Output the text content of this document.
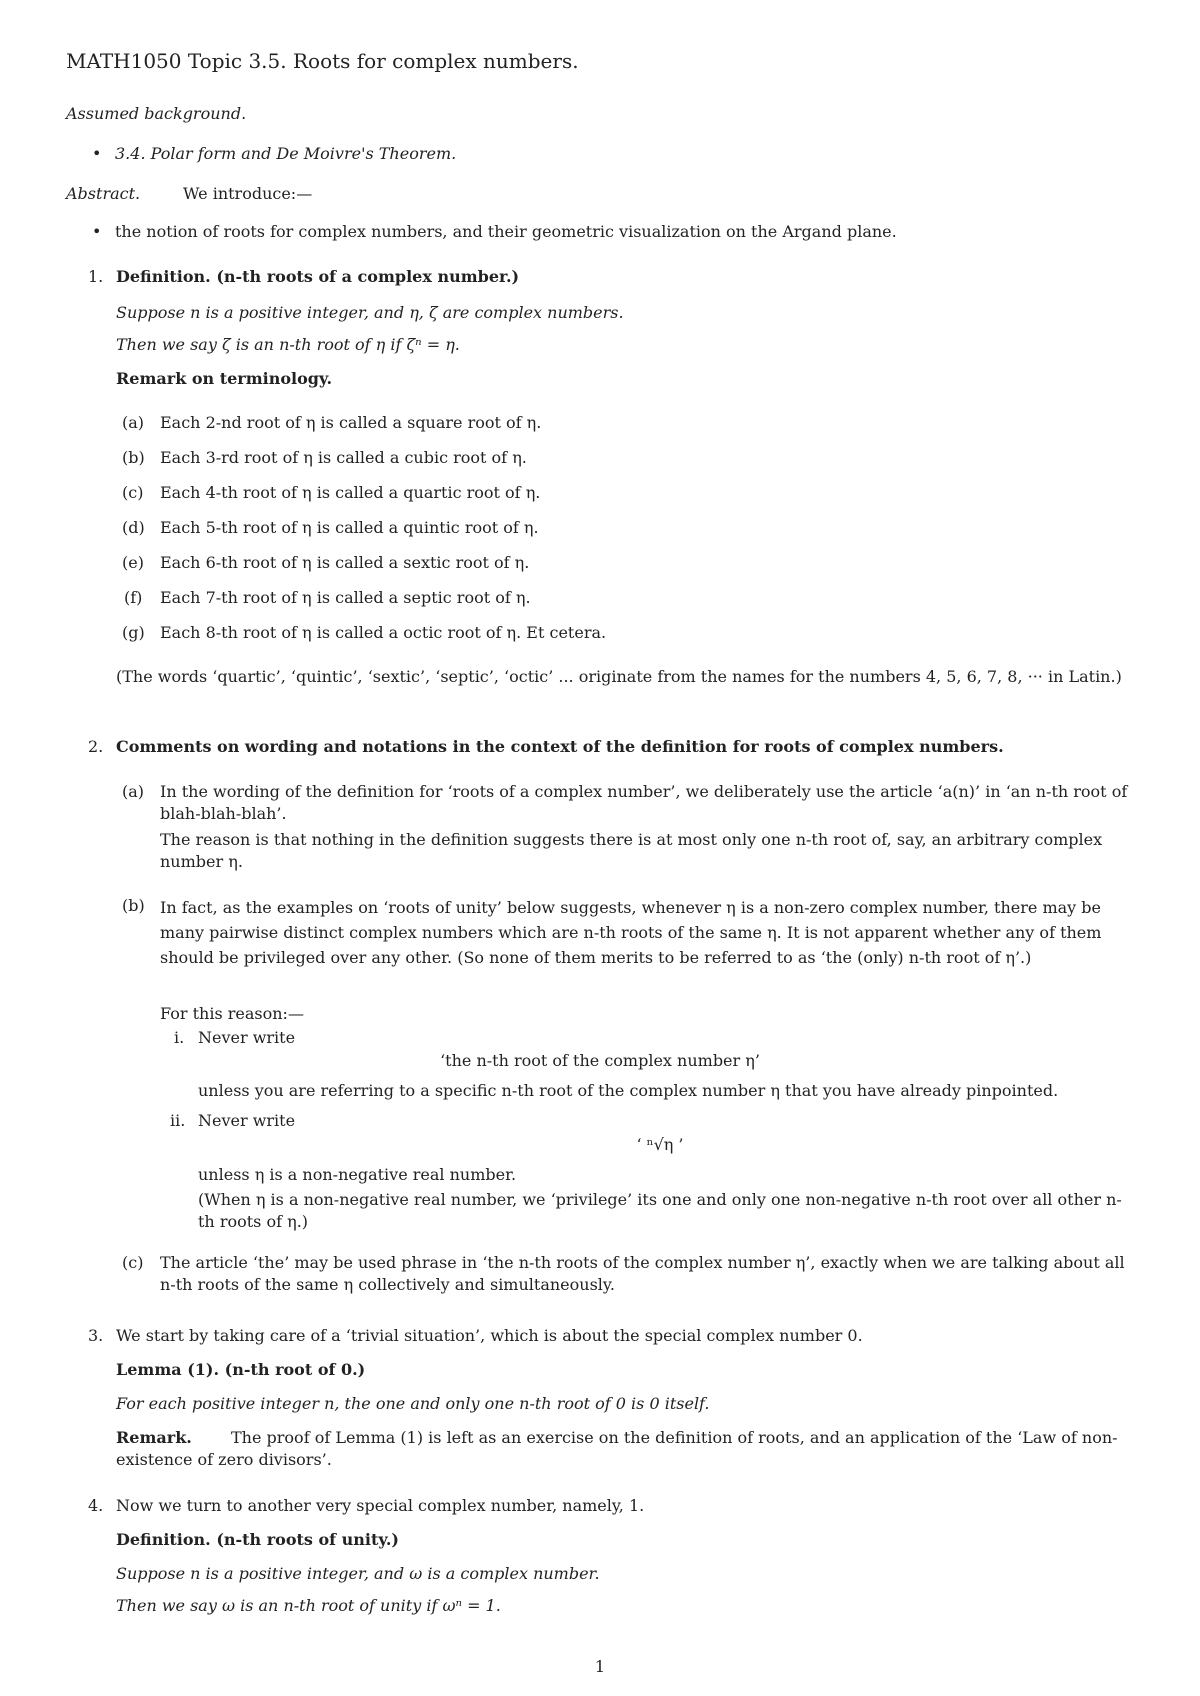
MATH1050 Topic 3.5. Roots for complex numbers.
Assumed background.
• 3.4. Polar form and De Moivre's Theorem.
Abstract.	We introduce:—
• the notion of roots for complex numbers, and their geometric visualization on the Argand plane.
1. Definition. (n-th roots of a complex number.)
Suppose n is a positive integer, and η, ζ are complex numbers.
Then we say ζ is an n-th root of η if ζⁿ = η.
Remark on terminology.
(a) Each 2-nd root of η is called a square root of η.
(b) Each 3-rd root of η is called a cubic root of η.
(c) Each 4-th root of η is called a quartic root of η.
(d) Each 5-th root of η is called a quintic root of η.
(e) Each 6-th root of η is called a sextic root of η.
(f) Each 7-th root of η is called a septic root of η.
(g) Each 8-th root of η is called a octic root of η. Et cetera.
(The words ‘quartic’, ‘quintic’, ‘sextic’, ‘septic’, ‘octic’ ... originate from the names for the numbers 4, 5, 6, 7, 8, ··· in Latin.)
2. Comments on wording and notations in the context of the definition for roots of complex numbers.
(a) In the wording of the definition for ‘roots of a complex number’, we deliberately use the article ‘a(n)’ in ‘an n-th root of blah-blah-blah’.
The reason is that nothing in the definition suggests there is at most only one n-th root of, say, an arbitrary complex number η.
(b) In fact, as the examples on ‘roots of unity’ below suggests, whenever η is a non-zero complex number, there may be many pairwise distinct complex numbers which are n-th roots of the same η. It is not apparent whether any of them should be privileged over any other. (So none of them merits to be referred to as ‘the (only) n-th root of η’.)
For this reason:—
i. Never write
‘the n-th root of the complex number η’
unless you are referring to a specific n-th root of the complex number η that you have already pinpointed.
ii. Never write
‘ ⁿ√η ’
unless η is a non-negative real number.
(When η is a non-negative real number, we ‘privilege’ its one and only one non-negative n-th root over all other n-th roots of η.)
(c) The article ‘the’ may be used phrase in ‘the n-th roots of the complex number η’, exactly when we are talking about all n-th roots of the same η collectively and simultaneously.
3. We start by taking care of a ‘trivial situation’, which is about the special complex number 0.
Lemma (1). (n-th root of 0.)
For each positive integer n, the one and only one n-th root of 0 is 0 itself.
Remark.	The proof of Lemma (1) is left as an exercise on the definition of roots, and an application of the ‘Law of non-existence of zero divisors’.
4. Now we turn to another very special complex number, namely, 1.
Definition. (n-th roots of unity.)
Suppose n is a positive integer, and ω is a complex number.
Then we say ω is an n-th root of unity if ωⁿ = 1.
1
